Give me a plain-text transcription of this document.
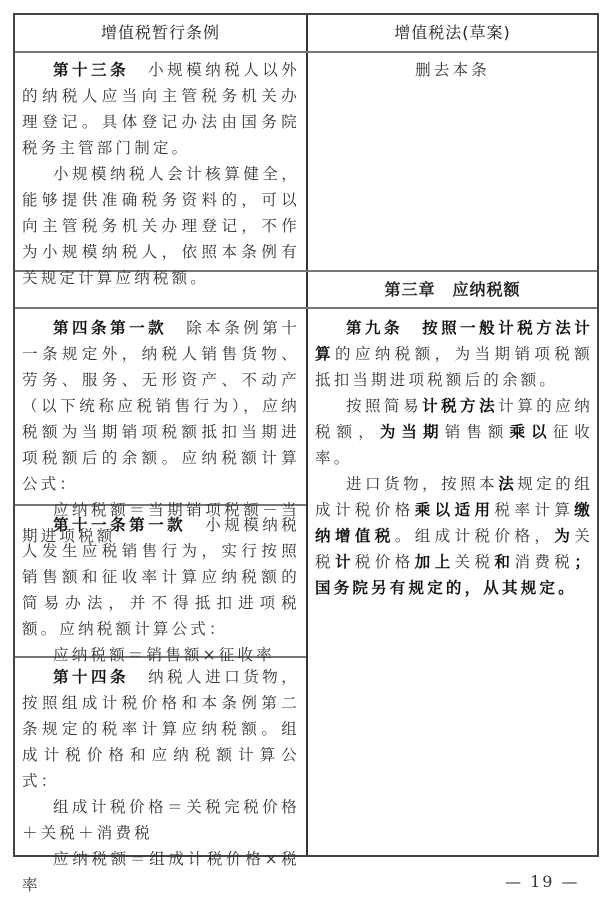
增值税暂行条例	增值税法(草案)

第十三条　 小规模纳税人以外的纳税人应当向主管税务机关办理登记。具体登记办法由国务院税务主管部门制定。

小规模纳税人会计核算健全，能够提供准确税务资料的，可以向主管税务机关办理登记，不作为小规模纳税人，依照本条例有关规定计算应纳税额。

删去本条

第三章　应纳税额

第四条第一款　 除本条例第十一条规定外，纳税人销售货物、劳务、服务、无形资产、不动产（以下统称应税销售行为），应纳税额为当期销项税额抵扣当期进项税额后的余额。应纳税额计算公式：

应纳税额＝当期销项税额－当期进项税额

第十一条第一款　 小规模纳税人发生应税销售行为，实行按照销售额和征收率计算应纳税额的简易办法，并不得抵扣进项税额。应纳税额计算公式：

应纳税额＝销售额×征收率

第十四条　 纳税人进口货物，按照组成计税价格和本条例第二条规定的税率计算应纳税额。组成计税价格和应纳税额计算公式：

组成计税价格＝关税完税价格＋关税＋消费税

应纳税额＝组成计税价格×税率

第九条　 按照一般计税方法计算的应纳税额，为当期销项税额抵扣当期进项税额后的余额。

按照简易计税方法计算的应纳税额，为当期销售额乘以征收率。

进口货物，按照本法规定的组成计税价格乘以适用税率计算缴纳增值税。组成计税价格，为关税计税价格加上关税和消费税；国务院另有规定的，从其规定。

— 19 —
